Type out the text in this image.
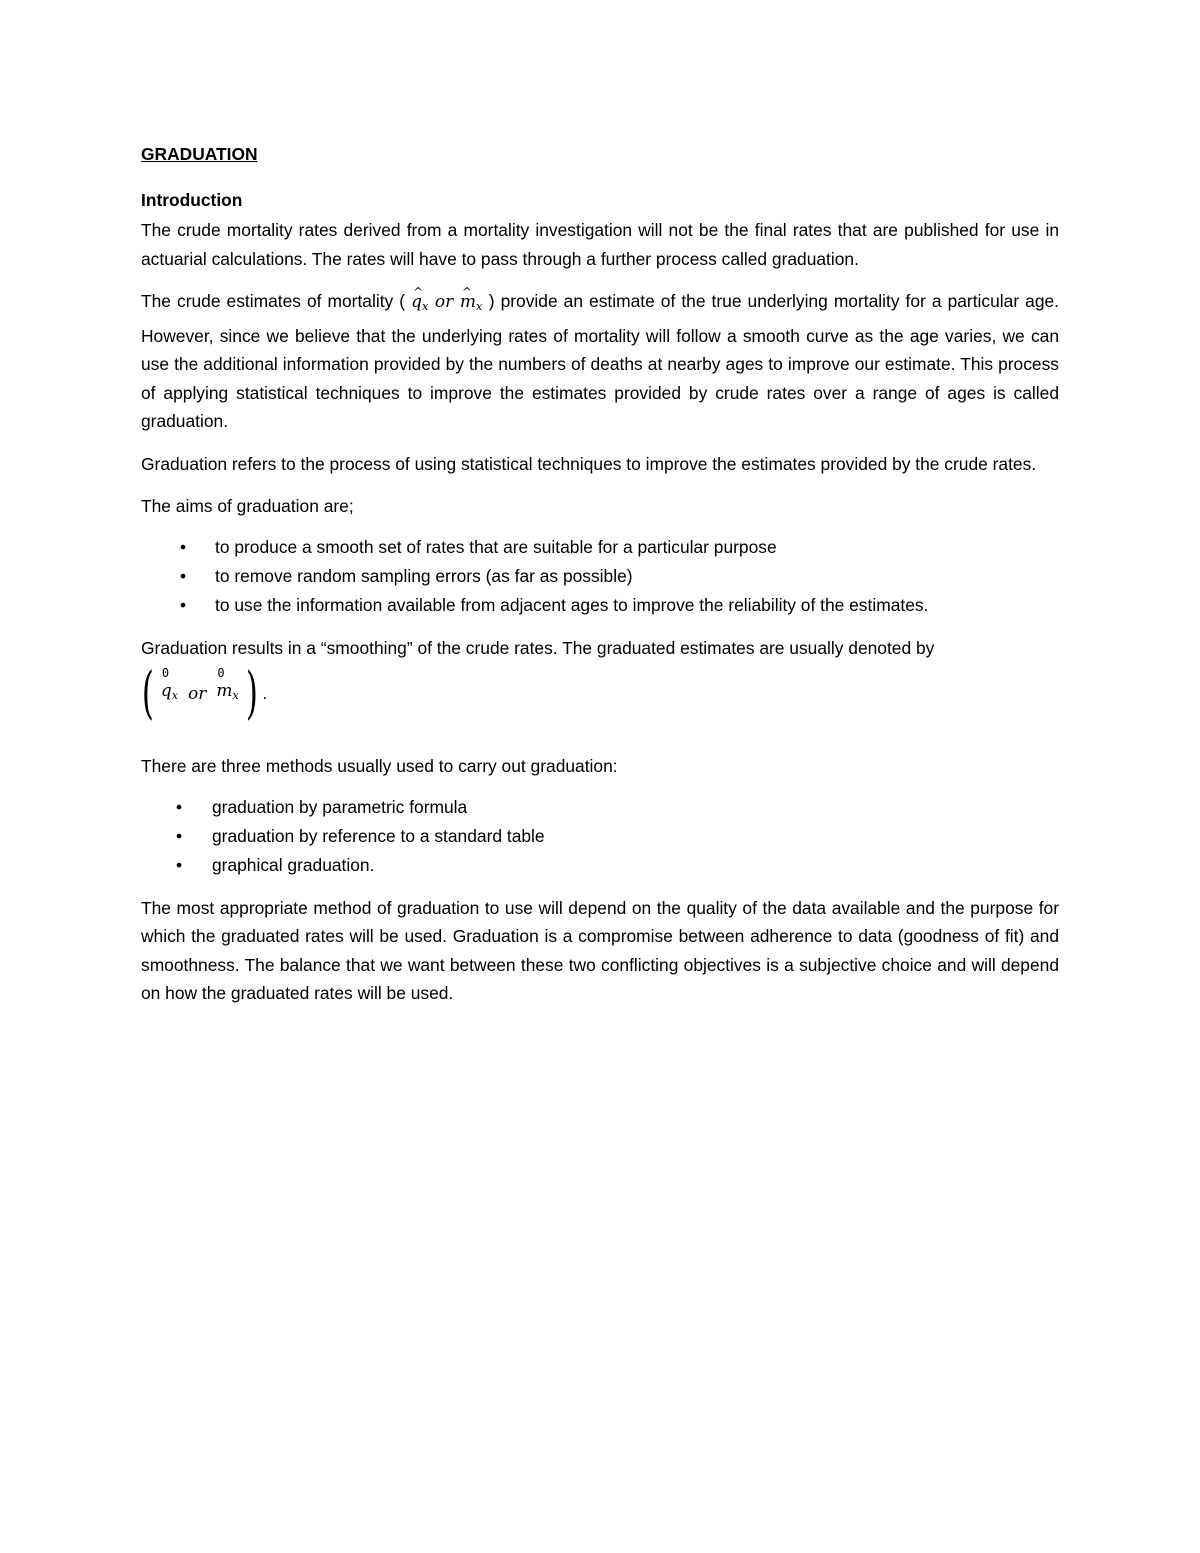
GRADUATION
Introduction

The crude mortality rates derived from a mortality investigation will not be the final rates that are published for use in actuarial calculations. The rates will have to pass through a further process called graduation.

The crude estimates of mortality ( ^ $q_x$ or ^ $m_x$ ) provide an estimate of the true underlying mortality for a particular age. However, since we believe that the underlying rates of mortality will follow a smooth curve as the age varies, we can use the additional information provided by the numbers of deaths at nearby ages to improve our estimate. This process of applying statistical techniques to improve the estimates provided by crude rates over a range of ages is called graduation.

Graduation refers to the process of using statistical techniques to improve the estimates provided by the crude rates.

The aims of graduation are;

• to produce a smooth set of rates that are suitable for a particular purpose
• to remove random sampling errors (as far as possible)
• to use the information available from adjacent ages to improve the reliability of the estimates.

Graduation results in a “smoothing” of the crude rates. The graduated estimates are usually denoted by

( 0
$q_x$ or
0
$m_x$ ) .

There are three methods usually used to carry out graduation:

• graduation by parametric formula
• graduation by reference to a standard table
• graphical graduation.

The most appropriate method of graduation to use will depend on the quality of the data available and the purpose for which the graduated rates will be used. Graduation is a compromise between adherence to data (goodness of fit) and smoothness. The balance that we want between these two conflicting objectives is a subjective choice and will depend on how the graduated rates will be used.
